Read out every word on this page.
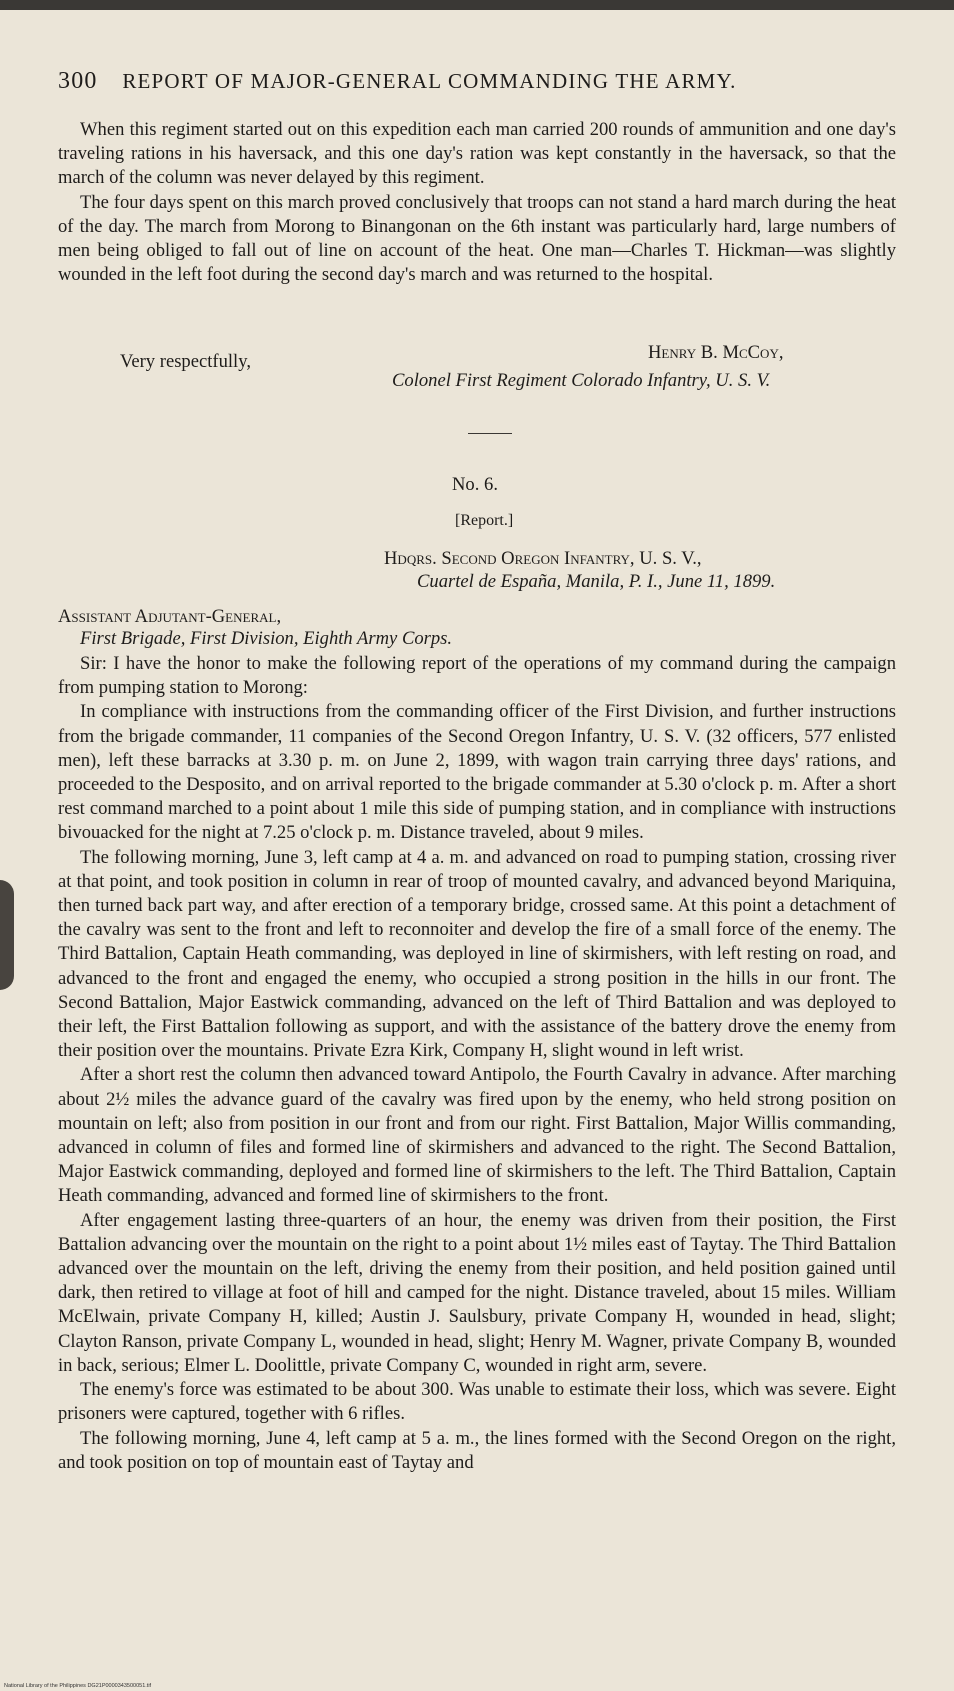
300 REPORT OF MAJOR-GENERAL COMMANDING THE ARMY.

When this regiment started out on this expedition each man carried 200 rounds of ammunition and one day's traveling rations in his haversack, and this one day's ration was kept constantly in the haversack, so that the march of the column was never delayed by this regiment.

The four days spent on this march proved conclusively that troops can not stand a hard march during the heat of the day. The march from Morong to Binangonan on the 6th instant was particularly hard, large numbers of men being obliged to fall out of line on account of the heat. One man—Charles T. Hickman—was slightly wounded in the left foot during the second day's march and was returned to the hospital.

Very respectfully,	Henry B. McCoy,
Colonel First Regiment Colorado Infantry, U. S. V.
No. 6.
[Report.]
Hdqrs. Second Oregon Infantry, U. S. V.,
Cuartel de España, Manila, P. I., June 11, 1899.
Assistant Adjutant-General,
First Brigade, First Division, Eighth Army Corps.

Sir: I have the honor to make the following report of the operations of my command during the campaign from pumping station to Morong:

In compliance with instructions from the commanding officer of the First Division, and further instructions from the brigade commander, 11 companies of the Second Oregon Infantry, U. S. V. (32 officers, 577 enlisted men), left these barracks at 3.30 p. m. on June 2, 1899, with wagon train carrying three days' rations, and proceeded to the Desposito, and on arrival reported to the brigade commander at 5.30 o'clock p. m. After a short rest command marched to a point about 1 mile this side of pumping station, and in compliance with instructions bivouacked for the night at 7.25 o'clock p. m. Distance traveled, about 9 miles.

The following morning, June 3, left camp at 4 a. m. and advanced on road to pumping station, crossing river at that point, and took position in column in rear of troop of mounted cavalry, and advanced beyond Mariquina, then turned back part way, and after erection of a temporary bridge, crossed same. At this point a detachment of the cavalry was sent to the front and left to reconnoiter and develop the fire of a small force of the enemy. The Third Battalion, Captain Heath commanding, was deployed in line of skirmishers, with left resting on road, and advanced to the front and engaged the enemy, who occupied a strong position in the hills in our front. The Second Battalion, Major Eastwick commanding, advanced on the left of Third Battalion and was deployed to their left, the First Battalion following as support, and with the assistance of the battery drove the enemy from their position over the mountains. Private Ezra Kirk, Company H, slight wound in left wrist.

After a short rest the column then advanced toward Antipolo, the Fourth Cavalry in advance. After marching about 2½ miles the advance guard of the cavalry was fired upon by the enemy, who held strong position on mountain on left; also from position in our front and from our right. First Battalion, Major Willis commanding, advanced in column of files and formed line of skirmishers and advanced to the right. The Second Battalion, Major Eastwick commanding, deployed and formed line of skirmishers to the left. The Third Battalion, Captain Heath commanding, advanced and formed line of skirmishers to the front.

After engagement lasting three-quarters of an hour, the enemy was driven from their position, the First Battalion advancing over the mountain on the right to a point about 1½ miles east of Taytay. The Third Battalion advanced over the mountain on the left, driving the enemy from their position, and held position gained until dark, then retired to village at foot of hill and camped for the night. Distance traveled, about 15 miles. William McElwain, private Company H, killed; Austin J. Saulsbury, private Company H, wounded in head, slight; Clayton Ranson, private Company L, wounded in head, slight; Henry M. Wagner, private Company B, wounded in back, serious; Elmer L. Doolittle, private Company C, wounded in right arm, severe.

The enemy's force was estimated to be about 300. Was unable to estimate their loss, which was severe. Eight prisoners were captured, together with 6 rifles.

The following morning, June 4, left camp at 5 a. m., the lines formed with the Second Oregon on the right, and took position on top of mountain east of Taytay and

National Library of the Philippines DG21P0000343500051.tif
